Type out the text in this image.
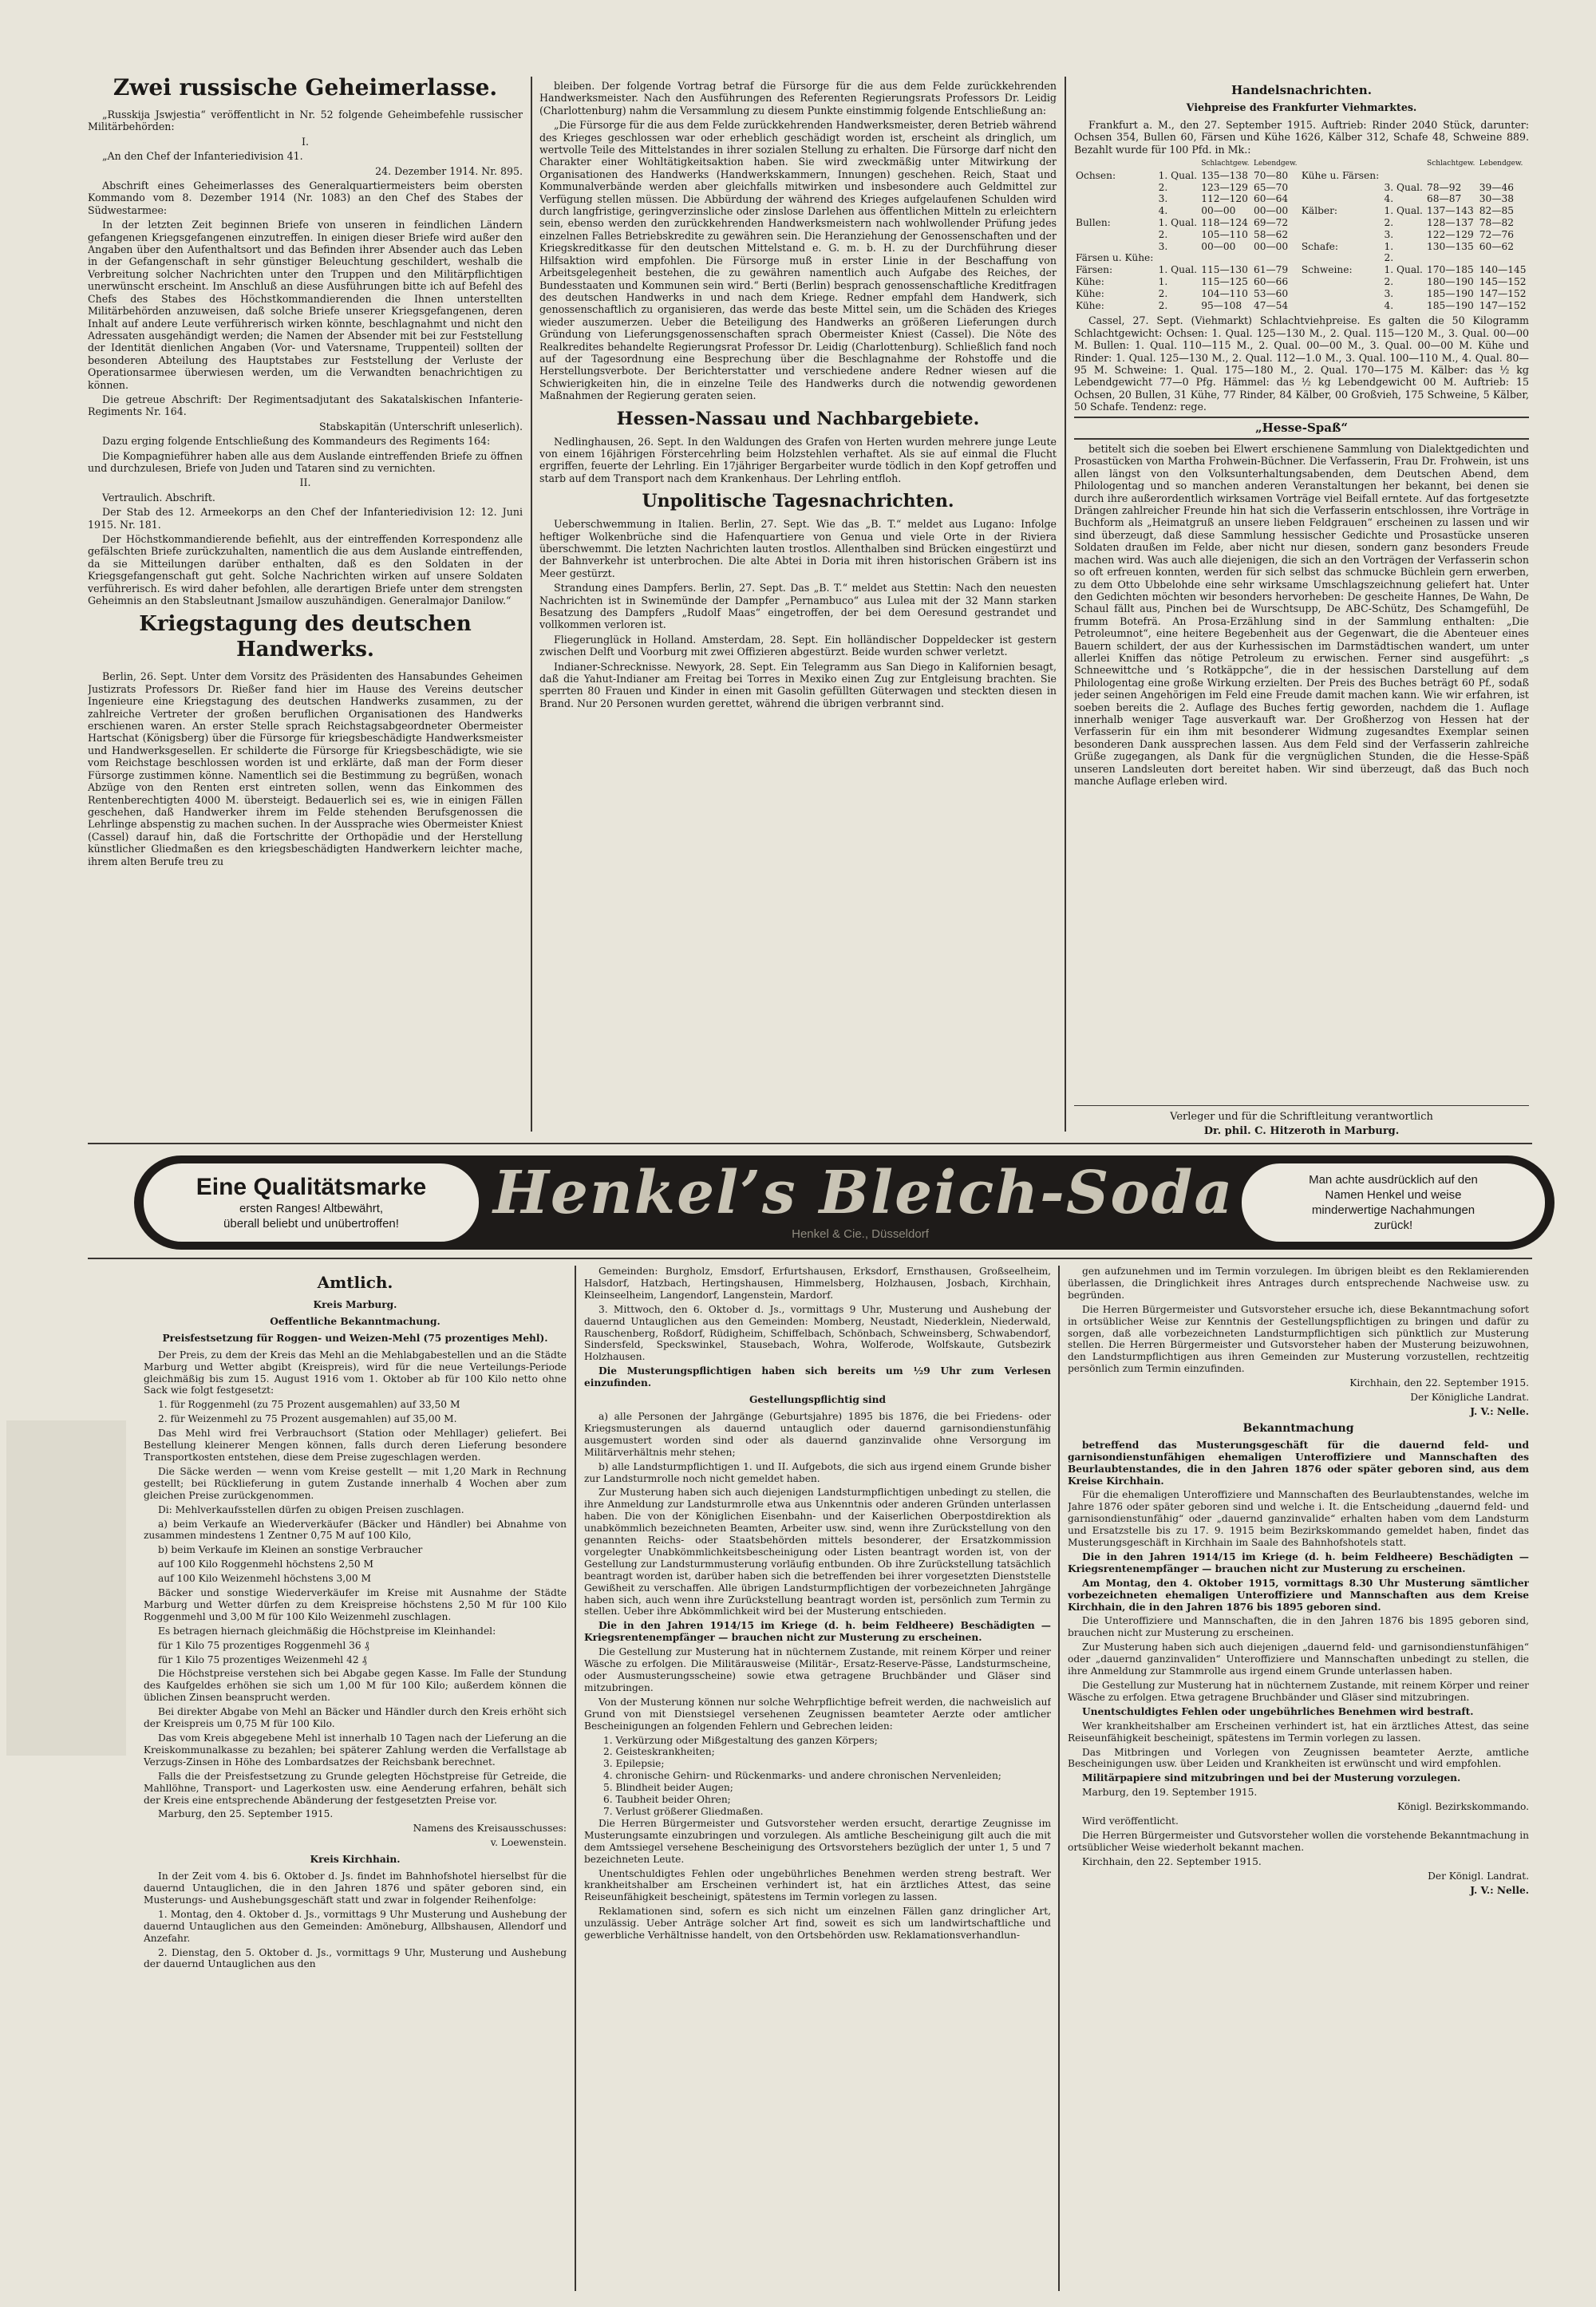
Zwei russische Geheimerlasse.

„Russkija Jswjestia“ veröffentlicht in Nr. 52 folgende Geheimbefehle russischer Militärbehörden:

I.

„An den Chef der Infanteriedivision 41.

24. Dezember 1914. Nr. 895.

Abschrift eines Geheimerlasses des Generalquartiermeisters beim obersten Kommando vom 8. Dezember 1914 (Nr. 1083) an den Chef des Stabes der Südwestarmee:

In der letzten Zeit beginnen Briefe von unseren in feindlichen Ländern gefangenen Kriegsgefangenen einzutreffen. In einigen dieser Briefe wird außer den Angaben über den Aufenthaltsort und das Befinden ihrer Absender auch das Leben in der Gefangenschaft in sehr günstiger Beleuchtung geschildert, weshalb die Verbreitung solcher Nachrichten unter den Truppen und den Militärpflichtigen unerwünscht erscheint. Im Anschluß an diese Ausführungen bitte ich auf Befehl des Chefs des Stabes des Höchstkommandierenden die Ihnen unterstellten Militärbehörden anzuweisen, daß solche Briefe unserer Kriegsgefangenen, deren Inhalt auf andere Leute verführerisch wirken könnte, beschlagnahmt und nicht den Adressaten ausgehändigt werden; die Namen der Absender mit bei zur Feststellung der Identität dienlichen Angaben (Vor- und Vatersname, Truppenteil) sollten der besonderen Abteilung des Hauptstabes zur Feststellung der Verluste der Operationsarmee überwiesen werden, um die Verwandten benachrichtigen zu können.

Die getreue Abschrift: Der Regimentsadjutant des Sakatalskischen Infanterie-Regiments Nr. 164.

Stabskapitän (Unterschrift unleserlich).

Dazu erging folgende Entschließung des Kommandeurs des Regiments 164:

Die Kompagnieführer haben alle aus dem Auslande eintreffenden Briefe zu öffnen und durchzulesen, Briefe von Juden und Tataren sind zu vernichten.

II.

Vertraulich. Abschrift.

Der Stab des 12. Armeekorps an den Chef der Infanteriedivision 12: 12. Juni 1915. Nr. 181.

Der Höchstkommandierende befiehlt, aus der eintreffenden Korrespondenz alle gefälschten Briefe zurückzuhalten, namentlich die aus dem Auslande eintreffenden, da sie Mitteilungen darüber enthalten, daß es den Soldaten in der Kriegsgefangenschaft gut geht. Solche Nachrichten wirken auf unsere Soldaten verführerisch. Es wird daher befohlen, alle derartigen Briefe unter dem strengsten Geheimnis an den Stabsleutnant Jsmailow auszuhändigen. Generalmajor Danilow.“

Kriegstagung des deutschen Handwerks.

Berlin, 26. Sept. Unter dem Vorsitz des Präsidenten des Hansabundes Geheimen Justizrats Professors Dr. Rießer fand hier im Hause des Vereins deutscher Ingenieure eine Kriegstagung des deutschen Handwerks zusammen, zu der zahlreiche Vertreter der großen beruflichen Organisationen des Handwerks erschienen waren. An erster Stelle sprach Reichstagsabgeordneter Obermeister Hartschat (Königsberg) über die Fürsorge für kriegsbeschädigte Handwerksmeister und Handwerksgesellen. Er schilderte die Fürsorge für Kriegsbeschädigte, wie sie vom Reichstage beschlossen worden ist und erklärte, daß man der Form dieser Fürsorge zustimmen könne. Namentlich sei die Bestimmung zu begrüßen, wonach Abzüge von den Renten erst eintreten sollen, wenn das Einkommen des Rentenberechtigten 4000 M. übersteigt. Bedauerlich sei es, wie in einigen Fällen geschehen, daß Handwerker ihrem im Felde stehenden Berufsgenossen die Lehrlinge abspenstig zu machen suchen. In der Aussprache wies Obermeister Kniest (Cassel) darauf hin, daß die Fortschritte der Orthopädie und der Herstellung künstlicher Gliedmaßen es den kriegsbeschädigten Handwerkern leichter mache, ihrem alten Berufe treu zu

bleiben. Der folgende Vortrag betraf die Fürsorge für die aus dem Felde zurückkehrenden Handwerksmeister. Nach den Ausführungen des Referenten Regierungsrats Professors Dr. Leidig (Charlottenburg) nahm die Versammlung zu diesem Punkte einstimmig folgende Entschließung an:

„Die Fürsorge für die aus dem Felde zurückkehrenden Handwerksmeister, deren Betrieb während des Krieges geschlossen war oder erheblich geschädigt worden ist, erscheint als dringlich, um wertvolle Teile des Mittelstandes in ihrer sozialen Stellung zu erhalten. Die Fürsorge darf nicht den Charakter einer Wohltätigkeitsaktion haben. Sie wird zweckmäßig unter Mitwirkung der Organisationen des Handwerks (Handwerkskammern, Innungen) geschehen. Reich, Staat und Kommunalverbände werden aber gleichfalls mitwirken und insbesondere auch Geldmittel zur Verfügung stellen müssen. Die Abbürdung der während des Krieges aufgelaufenen Schulden wird durch langfristige, geringverzinsliche oder zinslose Darlehen aus öffentlichen Mitteln zu erleichtern sein, ebenso werden den zurückkehrenden Handwerksmeistern nach wohlwollender Prüfung jedes einzelnen Falles Betriebskredite zu gewähren sein. Die Heranziehung der Genossenschaften und der Kriegskreditkasse für den deutschen Mittelstand e. G. m. b. H. zu der Durchführung dieser Hilfsaktion wird empfohlen. Die Fürsorge muß in erster Linie in der Beschaffung von Arbeitsgelegenheit bestehen, die zu gewähren namentlich auch Aufgabe des Reiches, der Bundesstaaten und Kommunen sein wird.“ Berti (Berlin) besprach genossenschaftliche Kreditfragen des deutschen Handwerks in und nach dem Kriege. Redner empfahl dem Handwerk, sich genossenschaftlich zu organisieren, das werde das beste Mittel sein, um die Schäden des Krieges wieder auszumerzen. Ueber die Beteiligung des Handwerks an größeren Lieferungen durch Gründung von Lieferungsgenossenschaften sprach Obermeister Kniest (Cassel). Die Nöte des Realkredites behandelte Regierungsrat Professor Dr. Leidig (Charlottenburg). Schließlich fand noch auf der Tagesordnung eine Besprechung über die Beschlagnahme der Rohstoffe und die Herstellungsverbote. Der Berichterstatter und verschiedene andere Redner wiesen auf die Schwierigkeiten hin, die in einzelne Teile des Handwerks durch die notwendig gewordenen Maßnahmen der Regierung geraten seien.

Hessen-Nassau und Nachbargebiete.

Nedlinghausen, 26. Sept. In den Waldungen des Grafen von Herten wurden mehrere junge Leute von einem 16jährigen Förstercehrling beim Holzstehlen verhaftet. Als sie auf einmal die Flucht ergriffen, feuerte der Lehrling. Ein 17jähriger Bergarbeiter wurde tödlich in den Kopf getroffen und starb auf dem Transport nach dem Krankenhaus. Der Lehrling entfloh.

Unpolitische Tagesnachrichten.

Ueberschwemmung in Italien. Berlin, 27. Sept. Wie das „B. T.“ meldet aus Lugano: Infolge heftiger Wolkenbrüche sind die Hafenquartiere von Genua und viele Orte in der Riviera überschwemmt. Die letzten Nachrichten lauten trostlos. Allenthalben sind Brücken eingestürzt und der Bahnverkehr ist unterbrochen. Die alte Abtei in Doria mit ihren historischen Gräbern ist ins Meer gestürzt.

Strandung eines Dampfers. Berlin, 27. Sept. Das „B. T.“ meldet aus Stettin: Nach den neuesten Nachrichten ist in Swinemünde der Dampfer „Pernambuco“ aus Lulea mit der 32 Mann starken Besatzung des Dampfers „Rudolf Maas“ eingetroffen, der bei dem Oeresund gestrandet und vollkommen verloren ist.

Fliegerunglück in Holland. Amsterdam, 28. Sept. Ein holländischer Doppeldecker ist gestern zwischen Delft und Voorburg mit zwei Offizieren abgestürzt. Beide wurden schwer verletzt.

Indianer-Schrecknisse. Newyork, 28. Sept. Ein Telegramm aus San Diego in Kalifornien besagt, daß die Yahut-Indianer am Freitag bei Torres in Mexiko einen Zug zur Entgleisung brachten. Sie sperrten 80 Frauen und Kinder in einen mit Gasolin gefüllten Güterwagen und steckten diesen in Brand. Nur 20 Personen wurden gerettet, während die übrigen verbrannt sind.

Handelsnachrichten.
Viehpreise des Frankfurter Viehmarktes.

Frankfurt a. M., den 27. September 1915. Auftrieb: Rinder 2040 Stück, darunter: Ochsen 354, Bullen 60, Färsen und Kühe 1626, Kälber 312, Schafe 48, Schweine 889. Bezahlt wurde für 100 Pfd. in Mk.:

		Schlachtgew.	Lebendgew.			Schlachtgew.	Lebendgew.
Ochsen:	1. Qual.	135—138	70—80	Kühe u. Färsen:			
	2.	123—129	65—70		3. Qual.	78—92	39—46
	3.	112—120	60—64		4.	68—87	30—38
	4.	00—00	00—00	Kälber:	1. Qual.	137—143	82—85
Bullen:	1. Qual.	118—124	69—72		2.	128—137	78—82
	2.	105—110	58—62		3.	122—129	72—76
	3.	00—00	00—00	Schafe:	1.	130—135	60—62
Färsen u. Kühe:					2.		
Färsen:	1. Qual.	115—130	61—79	Schweine:	1. Qual.	170—185	140—145
Kühe:	1.	115—125	60—66		2.	180—190	145—152
Kühe:	2.	104—110	53—60		3.	185—190	147—152
Kühe:	2.	95—108	47—54		4.	185—190	147—152

Cassel, 27. Sept. (Viehmarkt) Schlachtviehpreise. Es galten die 50 Kilogramm Schlachtgewicht: Ochsen: 1. Qual. 125—130 M., 2. Qual. 115—120 M., 3. Qual. 00—00 M. Bullen: 1. Qual. 110—115 M., 2. Qual. 00—00 M., 3. Qual. 00—00 M. Kühe und Rinder: 1. Qual. 125—130 M., 2. Qual. 112—1.0 M., 3. Qual. 100—110 M., 4. Qual. 80—95 M. Schweine: 1. Qual. 175—180 M., 2. Qual. 170—175 M. Kälber: das ½ kg Lebendgewicht 77—0 Pfg. Hämmel: das ½ kg Lebendgewicht 00 M. Auftrieb: 15 Ochsen, 20 Bullen, 31 Kühe, 77 Rinder, 84 Kälber, 00 Großvieh, 175 Schweine, 5 Kälber, 50 Schafe. Tendenz: rege.

„Hesse-Spaß“

betitelt sich die soeben bei Elwert erschienene Sammlung von Dialektgedichten und Prosastücken von Martha Frohwein-Büchner. Die Verfasserin, Frau Dr. Frohwein, ist uns allen längst von den Volksunterhaltungsabenden, dem Deutschen Abend, dem Philologentag und so manchen anderen Veranstaltungen her bekannt, bei denen sie durch ihre außerordentlich wirksamen Vorträge viel Beifall erntete. Auf das fortgesetzte Drängen zahlreicher Freunde hin hat sich die Verfasserin entschlossen, ihre Vorträge in Buchform als „Heimatgruß an unsere lieben Feldgrauen“ erscheinen zu lassen und wir sind überzeugt, daß diese Sammlung hessischer Gedichte und Prosastücke unseren Soldaten draußen im Felde, aber nicht nur diesen, sondern ganz besonders Freude machen wird. Was auch alle diejenigen, die sich an den Vorträgen der Verfasserin schon so oft erfreuen konnten, werden für sich selbst das schmucke Büchlein gern erwerben, zu dem Otto Ubbelohde eine sehr wirksame Umschlagszeichnung geliefert hat. Unter den Gedichten möchten wir besonders hervorheben: De gescheite Hannes, De Wahn, De Schaul fällt aus, Pinchen bei de Wurschtsupp, De ABC-Schütz, Des Schamgefühl, De frumm Botefrä. An Prosa-Erzählung sind in der Sammlung enthalten: „Die Petroleumnot“, eine heitere Begebenheit aus der Gegenwart, die die Abenteuer eines Bauern schildert, der aus der Kurhessischen im Darmstädtischen wandert, um unter allerlei Kniffen das nötige Petroleum zu erwischen. Ferner sind ausgeführt: „s Schneewittche und ’s Rotkäppche“, die in der hessischen Darstellung auf dem Philologentag eine große Wirkung erzielten. Der Preis des Buches beträgt 60 Pf., sodaß jeder seinen Angehörigen im Feld eine Freude damit machen kann. Wie wir erfahren, ist soeben bereits die 2. Auflage des Buches fertig geworden, nachdem die 1. Auflage innerhalb weniger Tage ausverkauft war. Der Großherzog von Hessen hat der Verfasserin für ein ihm mit besonderer Widmung zugesandtes Exemplar seinen besonderen Dank aussprechen lassen. Aus dem Feld sind der Verfasserin zahlreiche Grüße zugegangen, als Dank für die vergnüglichen Stunden, die die Hesse-Späß unseren Landsleuten dort bereitet haben. Wir sind überzeugt, daß das Buch noch manche Auflage erleben wird.

Verleger und für die Schriftleitung verantwortlich
Dr. phil. C. Hitzeroth in Marburg.
Eine Qualitätsmarke
ersten Ranges! Altbewährt,
überall beliebt und unübertroffen! Henkel’s Bleich-Soda
Henkel & Cie., Düsseldorf
Man achte ausdrücklich auf den
Namen Henkel und weise
minderwertige Nachahmungen
zurück!
Amtlich.
Kreis Marburg.
Oeffentliche Bekanntmachung.
Preisfestsetzung für Roggen- und Weizen-Mehl (75 prozentiges Mehl).

Der Preis, zu dem der Kreis das Mehl an die Mehlabgabestellen und an die Städte Marburg und Wetter abgibt (Kreispreis), wird für die neue Verteilungs-Periode gleichmäßig bis zum 15. August 1916 vom 1. Oktober ab für 100 Kilo netto ohne Sack wie folgt festgesetzt:

1. für Roggenmehl (zu 75 Prozent ausgemahlen) auf 33,50 M

2. für Weizenmehl zu 75 Prozent ausgemahlen) auf 35,00 M.

Das Mehl wird frei Verbrauchsort (Station oder Mehllager) geliefert. Bei Bestellung kleinerer Mengen können, falls durch deren Lieferung besondere Transportkosten entstehen, diese dem Preise zugeschlagen werden.

Die Säcke werden — wenn vom Kreise gestellt — mit 1,20 Mark in Rechnung gestellt; bei Rücklieferung in gutem Zustande innerhalb 4 Wochen aber zum gleichen Preise zurückgenommen.

Di: Mehlverkaufsstellen dürfen zu obigen Preisen zuschlagen.

a) beim Verkaufe an Wiederverkäufer (Bäcker und Händler) bei Abnahme von zusammen mindestens 1 Zentner 0,75 M auf 100 Kilo,

b) beim Verkaufe im Kleinen an sonstige Verbraucher

auf 100 Kilo Roggenmehl höchstens 2,50 M

auf 100 Kilo Weizenmehl höchstens 3,00 M

Bäcker und sonstige Wiederverkäufer im Kreise mit Ausnahme der Städte Marburg und Wetter dürfen zu dem Kreispreise höchstens 2,50 M für 100 Kilo Roggenmehl und 3,00 M für 100 Kilo Weizenmehl zuschlagen.

Es betragen hiernach gleichmäßig die Höchstpreise im Kleinhandel:

für 1 Kilo 75 prozentiges Roggenmehl 36 ₰

für 1 Kilo 75 prozentiges Weizenmehl 42 ₰

Die Höchstpreise verstehen sich bei Abgabe gegen Kasse. Im Falle der Stundung des Kaufgeldes erhöhen sie sich um 1,00 M für 100 Kilo; außerdem können die üblichen Zinsen beansprucht werden.

Bei direkter Abgabe von Mehl an Bäcker und Händler durch den Kreis erhöht sich der Kreispreis um 0,75 M für 100 Kilo.

Das vom Kreis abgegebene Mehl ist innerhalb 10 Tagen nach der Lieferung an die Kreiskommunalkasse zu bezahlen; bei späterer Zahlung werden die Verfallstage ab Verzugs-Zinsen in Höhe des Lombardsatzes der Reichsbank berechnet.

Falls die der Preisfestsetzung zu Grunde gelegten Höchstpreise für Getreide, die Mahllöhne, Transport- und Lagerkosten usw. eine Aenderung erfahren, behält sich der Kreis eine entsprechende Abänderung der festgesetzten Preise vor.

Marburg, den 25. September 1915.

Namens des Kreisausschusses:

v. Loewenstein.

Kreis Kirchhain.

In der Zeit vom 4. bis 6. Oktober d. Js. findet im Bahnhofshotel hierselbst für die dauernd Untauglichen, die in den Jahren 1876 und später geboren sind, ein Musterungs- und Aushebungsgeschäft statt und zwar in folgender Reihenfolge:

1. Montag, den 4. Oktober d. Js., vormittags 9 Uhr Musterung und Aushebung der dauernd Untauglichen aus den Gemeinden: Amöneburg, Allbshausen, Allendorf und Anzefahr.

2. Dienstag, den 5. Oktober d. Js., vormittags 9 Uhr, Musterung und Aushebung der dauernd Untauglichen aus den

Gemeinden: Burgholz, Emsdorf, Erfurtshausen, Erksdorf, Ernsthausen, Großseelheim, Halsdorf, Hatzbach, Hertingshausen, Himmelsberg, Holzhausen, Josbach, Kirchhain, Kleinseelheim, Langendorf, Langenstein, Mardorf.

3. Mittwoch, den 6. Oktober d. Js., vormittags 9 Uhr, Musterung und Aushebung der dauernd Untauglichen aus den Gemeinden: Momberg, Neustadt, Niederklein, Niederwald, Rauschenberg, Roßdorf, Rüdigheim, Schiffelbach, Schönbach, Schweinsberg, Schwabendorf, Sindersfeld, Speckswinkel, Stausebach, Wohra, Wolferode, Wolfskaute, Gutsbezirk Holzhausen.

Die Musterungspflichtigen haben sich bereits um ½9 Uhr zum Verlesen einzufinden.

Gestellungspflichtig sind

a) alle Personen der Jahrgänge (Geburtsjahre) 1895 bis 1876, die bei Friedens- oder Kriegsmusterungen als dauernd untauglich oder dauernd garnisondienstunfähig ausgemustert worden sind oder als dauernd ganzinvalide ohne Versorgung im Militärverhältnis mehr stehen;

b) alle Landsturmpflichtigen 1. und II. Aufgebots, die sich aus irgend einem Grunde bisher zur Landsturmrolle noch nicht gemeldet haben.

Zur Musterung haben sich auch diejenigen Landsturmpflichtigen unbedingt zu stellen, die ihre Anmeldung zur Landsturmrolle etwa aus Unkenntnis oder anderen Gründen unterlassen haben. Die von der Königlichen Eisenbahn- und der Kaiserlichen Oberpostdirektion als unabkömmlich bezeichneten Beamten, Arbeiter usw. sind, wenn ihre Zurückstellung von den genannten Reichs- oder Staatsbehörden mittels besonderer, der Ersatzkommission vorgelegter Unabkömmlichkeitsbescheinigung oder Listen beantragt worden ist, von der Gestellung zur Landsturmmusterung vorläufig entbunden. Ob ihre Zurückstellung tatsächlich beantragt worden ist, darüber haben sich die betreffenden bei ihrer vorgesetzten Dienststelle Gewißheit zu verschaffen. Alle übrigen Landsturmpflichtigen der vorbezeichneten Jahrgänge haben sich, auch wenn ihre Zurückstellung beantragt worden ist, persönlich zum Termin zu stellen. Ueber ihre Abkömmlichkeit wird bei der Musterung entschieden.

Die in den Jahren 1914/15 im Kriege (d. h. beim Feldheere) Beschädigten — Kriegsrentenempfänger — brauchen nicht zur Musterung zu erscheinen.

Die Gestellung zur Musterung hat in nüchternem Zustande, mit reinem Körper und reiner Wäsche zu erfolgen. Die Militärausweise (Militär-, Ersatz-Reserve-Pässe, Landsturmscheine, oder Ausmusterungsscheine) sowie etwa getragene Bruchbänder und Gläser sind mitzubringen.

Von der Musterung können nur solche Wehrpflichtige befreit werden, die nachweislich auf Grund von mit Dienstsiegel versehenen Zeugnissen beamteter Aerzte oder amtlicher Bescheinigungen an folgenden Fehlern und Gebrechen leiden:

1. Verkürzung oder Mißgestaltung des ganzen Körpers;
2. Geisteskrankheiten;
3. Epilepsie;
4. chronische Gehirn- und Rückenmarks- und andere chronischen Nervenleiden;
5. Blindheit beider Augen;
6. Taubheit beider Ohren;
7. Verlust größerer Gliedmaßen.

Die Herren Bürgermeister und Gutsvorsteher werden ersucht, derartige Zeugnisse im Musterungsamte einzubringen und vorzulegen. Als amtliche Bescheinigung gilt auch die mit dem Amtssiegel versehene Bescheinigung des Ortsvorstehers bezüglich der unter 1, 5 und 7 bezeichneten Leute.

Unentschuldigtes Fehlen oder ungebührliches Benehmen werden streng bestraft. Wer krankheitshalber am Erscheinen verhindert ist, hat ein ärztliches Attest, das seine Reiseunfähigkeit bescheinigt, spätestens im Termin vorlegen zu lassen.

Reklamationen sind, sofern es sich nicht um einzelnen Fällen ganz dringlicher Art, unzulässig. Ueber Anträge solcher Art find, soweit es sich um landwirtschaftliche und gewerbliche Verhältnisse handelt, von den Ortsbehörden usw. Reklamationsverhandlun-

gen aufzunehmen und im Termin vorzulegen. Im übrigen bleibt es den Reklamierenden überlassen, die Dringlichkeit ihres Antrages durch entsprechende Nachweise usw. zu begründen.

Die Herren Bürgermeister und Gutsvorsteher ersuche ich, diese Bekanntmachung sofort in ortsüblicher Weise zur Kenntnis der Gestellungspflichtigen zu bringen und dafür zu sorgen, daß alle vorbezeichneten Landsturmpflichtigen sich pünktlich zur Musterung stellen. Die Herren Bürgermeister und Gutsvorsteher haben der Musterung beizuwohnen, den Landsturmpflichtigen aus ihren Gemeinden zur Musterung vorzustellen, rechtzeitig persönlich zum Termin einzufinden.

Kirchhain, den 22. September 1915.

Der Königliche Landrat.

J. V.: Nelle.

Bekanntmachung

betreffend das Musterungsgeschäft für die dauernd feld- und garnisondienstunfähigen ehemaligen Unteroffiziere und Mannschaften des Beurlaubtenstandes, die in den Jahren 1876 oder später geboren sind, aus dem Kreise Kirchhain.

Für die ehemaligen Unteroffiziere und Mannschaften des Beurlaubtenstandes, welche im Jahre 1876 oder später geboren sind und welche i. It. die Entscheidung „dauernd feld- und garnisondienstunfähig“ oder „dauernd ganzinvalide“ erhalten haben vom dem Landsturm und Ersatzstelle bis zu 17. 9. 1915 beim Bezirkskommando gemeldet haben, findet das Musterungsgeschäft in Kirchhain im Saale des Bahnhofshotels statt.

Die in den Jahren 1914/15 im Kriege (d. h. beim Feldheere) Beschädigten — Kriegsrentenempfänger — brauchen nicht zur Musterung zu erscheinen.

Am Montag, den 4. Oktober 1915, vormittags 8.30 Uhr Musterung sämtlicher vorbezeichneten ehemaligen Unteroffiziere und Mannschaften aus dem Kreise Kirchhain, die in den Jahren 1876 bis 1895 geboren sind.

Die Unteroffiziere und Mannschaften, die in den Jahren 1876 bis 1895 geboren sind, brauchen nicht zur Musterung zu erscheinen.

Zur Musterung haben sich auch diejenigen „dauernd feld- und garnisondienstunfähigen“ oder „dauernd ganzinvaliden“ Unteroffiziere und Mannschaften unbedingt zu stellen, die ihre Anmeldung zur Stammrolle aus irgend einem Grunde unterlassen haben.

Die Gestellung zur Musterung hat in nüchternem Zustande, mit reinem Körper und reiner Wäsche zu erfolgen. Etwa getragene Bruchbänder und Gläser sind mitzubringen.

Unentschuldigtes Fehlen oder ungebührliches Benehmen wird bestraft.

Wer krankheitshalber am Erscheinen verhindert ist, hat ein ärztliches Attest, das seine Reiseunfähigkeit bescheinigt, spätestens im Termin vorlegen zu lassen.

Das Mitbringen und Vorlegen von Zeugnissen beamteter Aerzte, amtliche Bescheinigungen usw. über Leiden und Krankheiten ist erwünscht und wird empfohlen.

Militärpapiere sind mitzubringen und bei der Musterung vorzulegen.

Marburg, den 19. September 1915.

Königl. Bezirkskommando.

Wird veröffentlicht.

Die Herren Bürgermeister und Gutsvorsteher wollen die vorstehende Bekanntmachung in ortsüblicher Weise wiederholt bekannt machen.

Kirchhain, den 22. September 1915.

Der Königl. Landrat.

J. V.: Nelle.
